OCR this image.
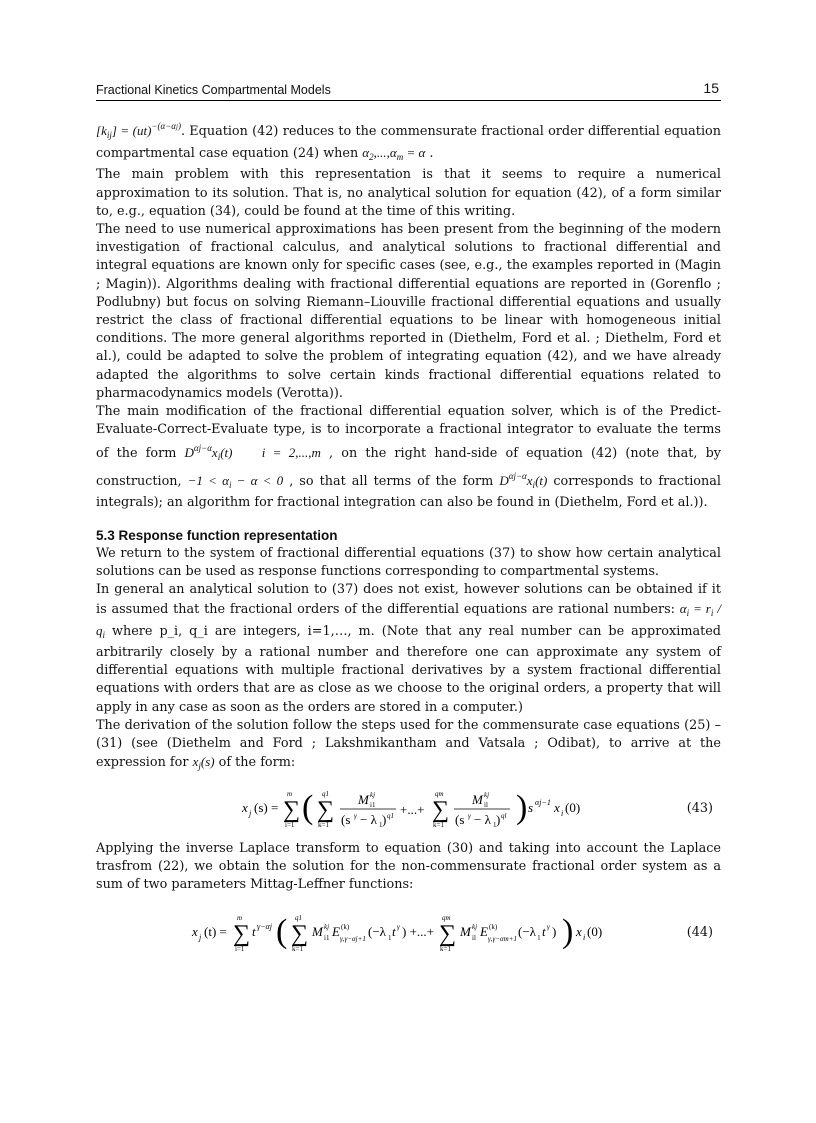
Fractional Kinetics Compartmental Models	15

$[k_{ij}] = (ut)^{-(\alpha-\alpha j)}$. Equation (42) reduces to the commensurate fractional order differential equation compartmental case equation (24) when $\alpha_2,...,\alpha_m = \alpha$ .

The main problem with this representation is that it seems to require a numerical approximation to its solution. That is, no analytical solution for equation (42), of a form similar to, e.g., equation (34), could be found at the time of this writing.

The need to use numerical approximations has been present from the beginning of the modern investigation of fractional calculus, and analytical solutions to fractional differential and integral equations are known only for specific cases (see, e.g., the examples reported in (Magin ; Magin)). Algorithms dealing with fractional differential equations are reported in (Gorenflo ; Podlubny) but focus on solving Riemann–Liouville fractional differential equations and usually restrict the class of fractional differential equations to be linear with homogeneous initial conditions. The more general algorithms reported in (Diethelm, Ford et al. ; Diethelm, Ford et al.), could be adapted to solve the problem of integrating equation (42), and we have already adapted the algorithms to solve certain kinds fractional differential equations related to pharmacodynamics models (Verotta)).

The main modification of the fractional differential equation solver, which is of the Predict-Evaluate-Correct-Evaluate type, is to incorporate a fractional integrator to evaluate the terms of the form $D^{\alpha j-\alpha}x_i(t)$    i = 2,...,m , on the right hand-side of equation (42) (note that, by construction, $-1 < \alpha_i - \alpha < 0$ , so that all terms of the form $D^{\alpha j-\alpha}x_i(t)$ corresponds to fractional integrals); an algorithm for fractional integration can also be found in (Diethelm, Ford et al.)).

5.3 Response function representation

We return to the system of fractional differential equations (37) to show how certain analytical solutions can be used as response functions corresponding to compartmental systems.

In general an analytical solution to (37) does not exist, however solutions can be obtained if it is assumed that the fractional orders of the differential equations are rational numbers: $\alpha_i = r_i / q_i$ where p_i, q_i are integers, i=1,…, m. (Note that any real number can be approximated arbitrarily closely by a rational number and therefore one can approximate any system of differential equations with multiple fractional derivatives by a system fractional differential equations with orders that are as close as we choose to the original orders, a property that will apply in any case as soon as the orders are stored in a computer.)

The derivation of the solution follow the steps used for the commensurate case equations (25) – (31) (see (Diethelm and Ford ; Lakshmikantham and Vatsala ; Odibat), to arrive at the expression for $x_j(s)$ of the form:

x j (s) = ∑
m
i=1 ( ∑
q1
k=1
M kj
i1
(s γ − λ 1 ) q1 +...+ ∑
qm
k=1
M kj
il
(s γ − λ 1 ) ql ) s αj−1 x i (0)	(43)

Applying the inverse Laplace transform to equation (30) and taking into account the Laplace trasfrom (22), we obtain the solution for the non-commensurate fractional order system as a sum of two parameters Mittag-Leffner functions:

x j (t) = ∑
m
i=1
t γ−αj ( ∑
q1
k=1
M kj
i1 E (k)
γ,γ−αj+1 (−λ 1 t γ ) +...+ ∑
qm
k=1
M kj
il E (k)
γ,γ−αm+1 (−λ l t γ ) ) x i (0)	(44)
